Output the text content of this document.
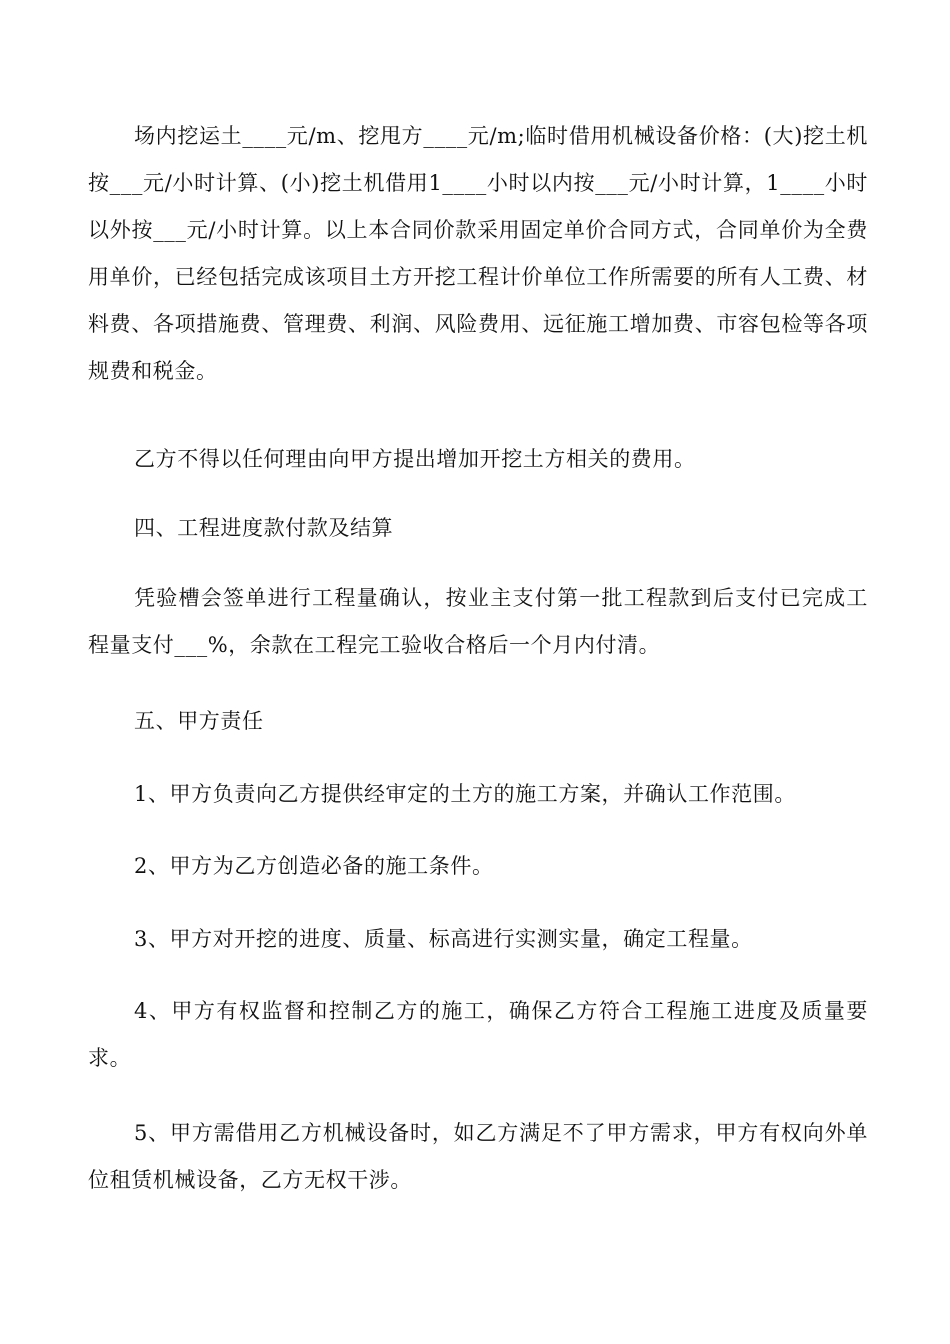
场内挖运土____元/m、挖甩方____元/m;临时借用机械设备价格：(大)挖土机按___元/小时计算、(小)挖土机借用1____小时以内按___元/小时计算，1____小时以外按___元/小时计算。以上本合同价款采用固定单价合同方式，合同单价为全费用单价，已经包括完成该项目土方开挖工程计价单位工作所需要的所有人工费、材料费、各项措施费、管理费、利润、风险费用、远征施工增加费、市容包检等各项规费和税金。

乙方不得以任何理由向甲方提出增加开挖土方相关的费用。

四、工程进度款付款及结算

凭验槽会签单进行工程量确认，按业主支付第一批工程款到后支付已完成工程量支付___%，余款在工程完工验收合格后一个月内付清。

五、甲方责任

1、甲方负责向乙方提供经审定的土方的施工方案，并确认工作范围。

2、甲方为乙方创造必备的施工条件。

3、甲方对开挖的进度、质量、标高进行实测实量，确定工程量。

4、甲方有权监督和控制乙方的施工，确保乙方符合工程施工进度及质量要求。

5、甲方需借用乙方机械设备时，如乙方满足不了甲方需求，甲方有权向外单位租赁机械设备，乙方无权干涉。
